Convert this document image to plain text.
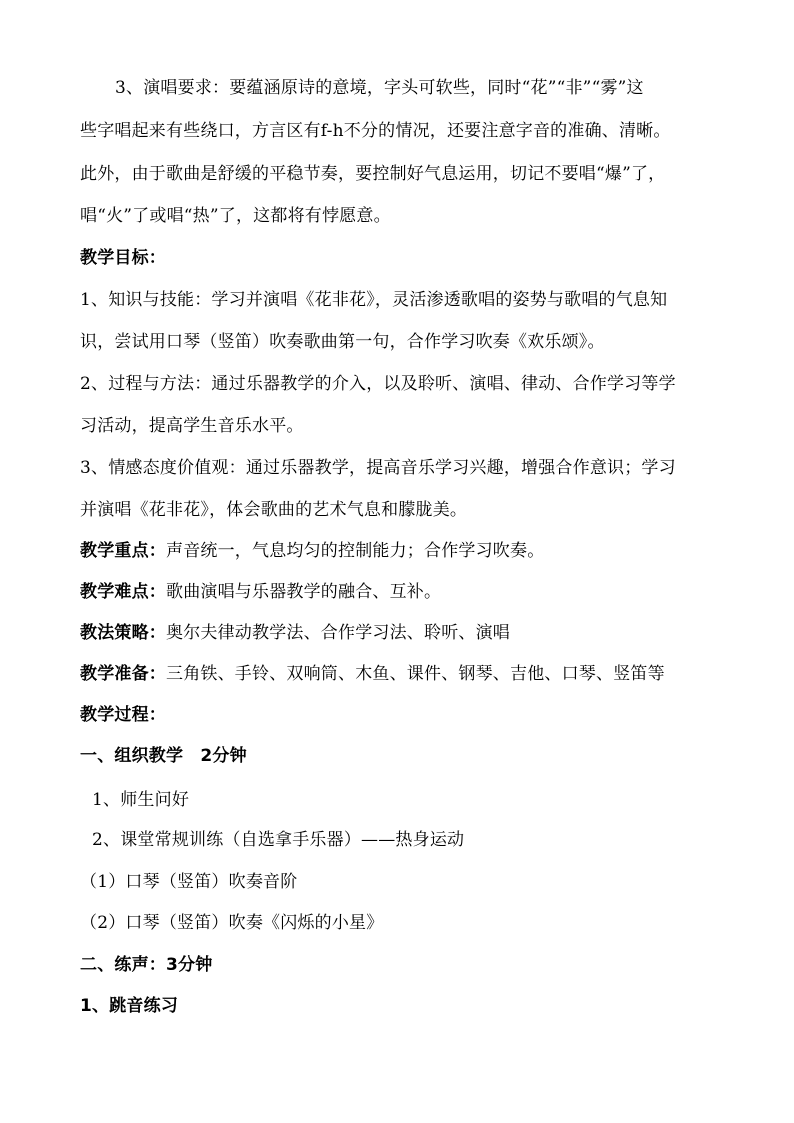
3、演唱要求：要蕴涵原诗的意境，字头可软些，同时“花”“非”“雾”这
些字唱起来有些绕口，方言区有f-h不分的情况，还要注意字音的准确、清晰。
此外，由于歌曲是舒缓的平稳节奏，要控制好气息运用，切记不要唱“爆”了，
唱“火”了或唱“热”了，这都将有悖愿意。
教学目标：
1、知识与技能：学习并演唱《花非花》，灵活渗透歌唱的姿势与歌唱的气息知
识，尝试用口琴（竖笛）吹奏歌曲第一句，合作学习吹奏《欢乐颂》。
2、过程与方法：通过乐器教学的介入，以及聆听、演唱、律动、合作学习等学
习活动，提高学生音乐水平。
3、情感态度价值观：通过乐器教学，提高音乐学习兴趣，增强合作意识；学习
并演唱《花非花》，体会歌曲的艺术气息和朦胧美。
教学重点：声音统一，气息均匀的控制能力；合作学习吹奏。
教学难点：歌曲演唱与乐器教学的融合、互补。
教法策略：奥尔夫律动教学法、合作学习法、聆听、演唱
教学准备：三角铁、手铃、双响筒、木鱼、课件、钢琴、吉他、口琴、竖笛等
教学过程：
一、组织教学　2分钟
1、师生问好
2、课堂常规训练（自选拿手乐器）——热身运动
（1）口琴（竖笛）吹奏音阶
（2）口琴（竖笛）吹奏《闪烁的小星》
二、练声：3分钟
1、跳音练习
